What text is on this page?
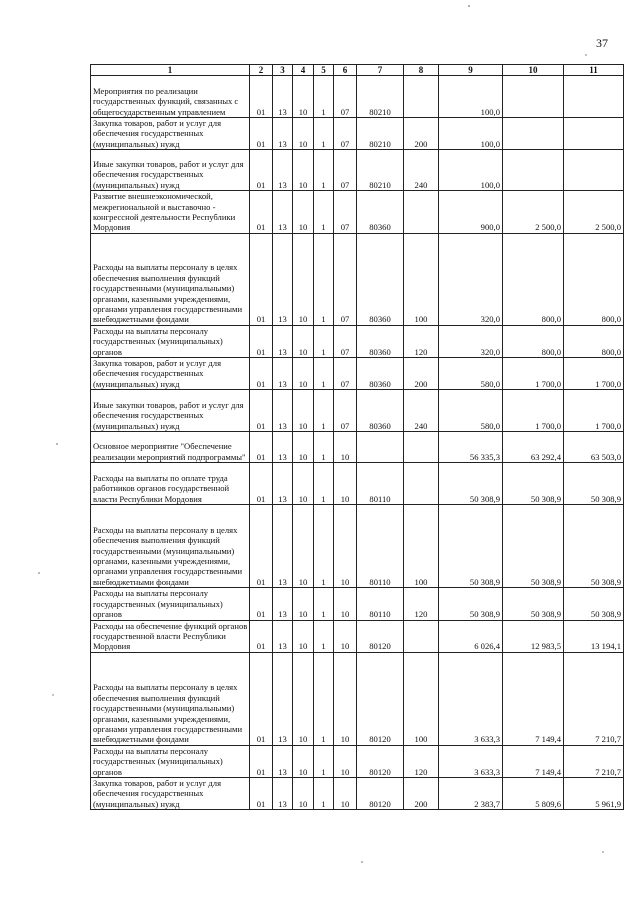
37
1	2	3	4	5	6	7	8	9	10	11
Мероприятия по реализации государственных функций, связанных с общегосударственным управлением	01	13	10	1	07	80210		100,0		
Закупка товаров, работ и услуг для обеспечения государственных (муниципальных) нужд	01	13	10	1	07	80210	200	100,0		
Иные закупки товаров, работ и услуг для обеспечения государственных (муниципальных) нужд	01	13	10	1	07	80210	240	100,0		
Развитие внешнеэкономической, межрегиональной и выставочно - конгрессной деятельности Республики Мордовия	01	13	10	1	07	80360		900,0	2 500,0	2 500,0
Расходы на выплаты персоналу в целях обеспечения выполнения функций государственными (муниципальными) органами, казенными учреждениями, органами управления государственными внебюджетными фондами	01	13	10	1	07	80360	100	320,0	800,0	800,0
Расходы на выплаты персоналу государственных (муниципальных) органов	01	13	10	1	07	80360	120	320,0	800,0	800,0
Закупка товаров, работ и услуг для обеспечения государственных (муниципальных) нужд	01	13	10	1	07	80360	200	580,0	1 700,0	1 700,0
Иные закупки товаров, работ и услуг для обеспечения государственных (муниципальных) нужд	01	13	10	1	07	80360	240	580,0	1 700,0	1 700,0
Основное мероприятие "Обеспечение реализации мероприятий подпрограммы"	01	13	10	1	10			56 335,3	63 292,4	63 503,0
Расходы на выплаты по оплате труда работников органов государственной власти Республики Мордовия	01	13	10	1	10	80110		50 308,9	50 308,9	50 308,9
Расходы на выплаты персоналу в целях обеспечения выполнения функций государственными (муниципальными) органами, казенными учреждениями, органами управления государственными внебюджетными фондами	01	13	10	1	10	80110	100	50 308,9	50 308,9	50 308,9
Расходы на выплаты персоналу государственных (муниципальных) органов	01	13	10	1	10	80110	120	50 308,9	50 308,9	50 308,9
Расходы на обеспечение функций органов государственной власти Республики Мордовия	01	13	10	1	10	80120		6 026,4	12 983,5	13 194,1
Расходы на выплаты персоналу в целях обеспечения выполнения функций государственными (муниципальными) органами, казенными учреждениями, органами управления государственными внебюджетными фондами	01	13	10	1	10	80120	100	3 633,3	7 149,4	7 210,7
Расходы на выплаты персоналу государственных (муниципальных) органов	01	13	10	1	10	80120	120	3 633,3	7 149,4	7 210,7
Закупка товаров, работ и услуг для обеспечения государственных (муниципальных) нужд	01	13	10	1	10	80120	200	2 383,7	5 809,6	5 961,9
